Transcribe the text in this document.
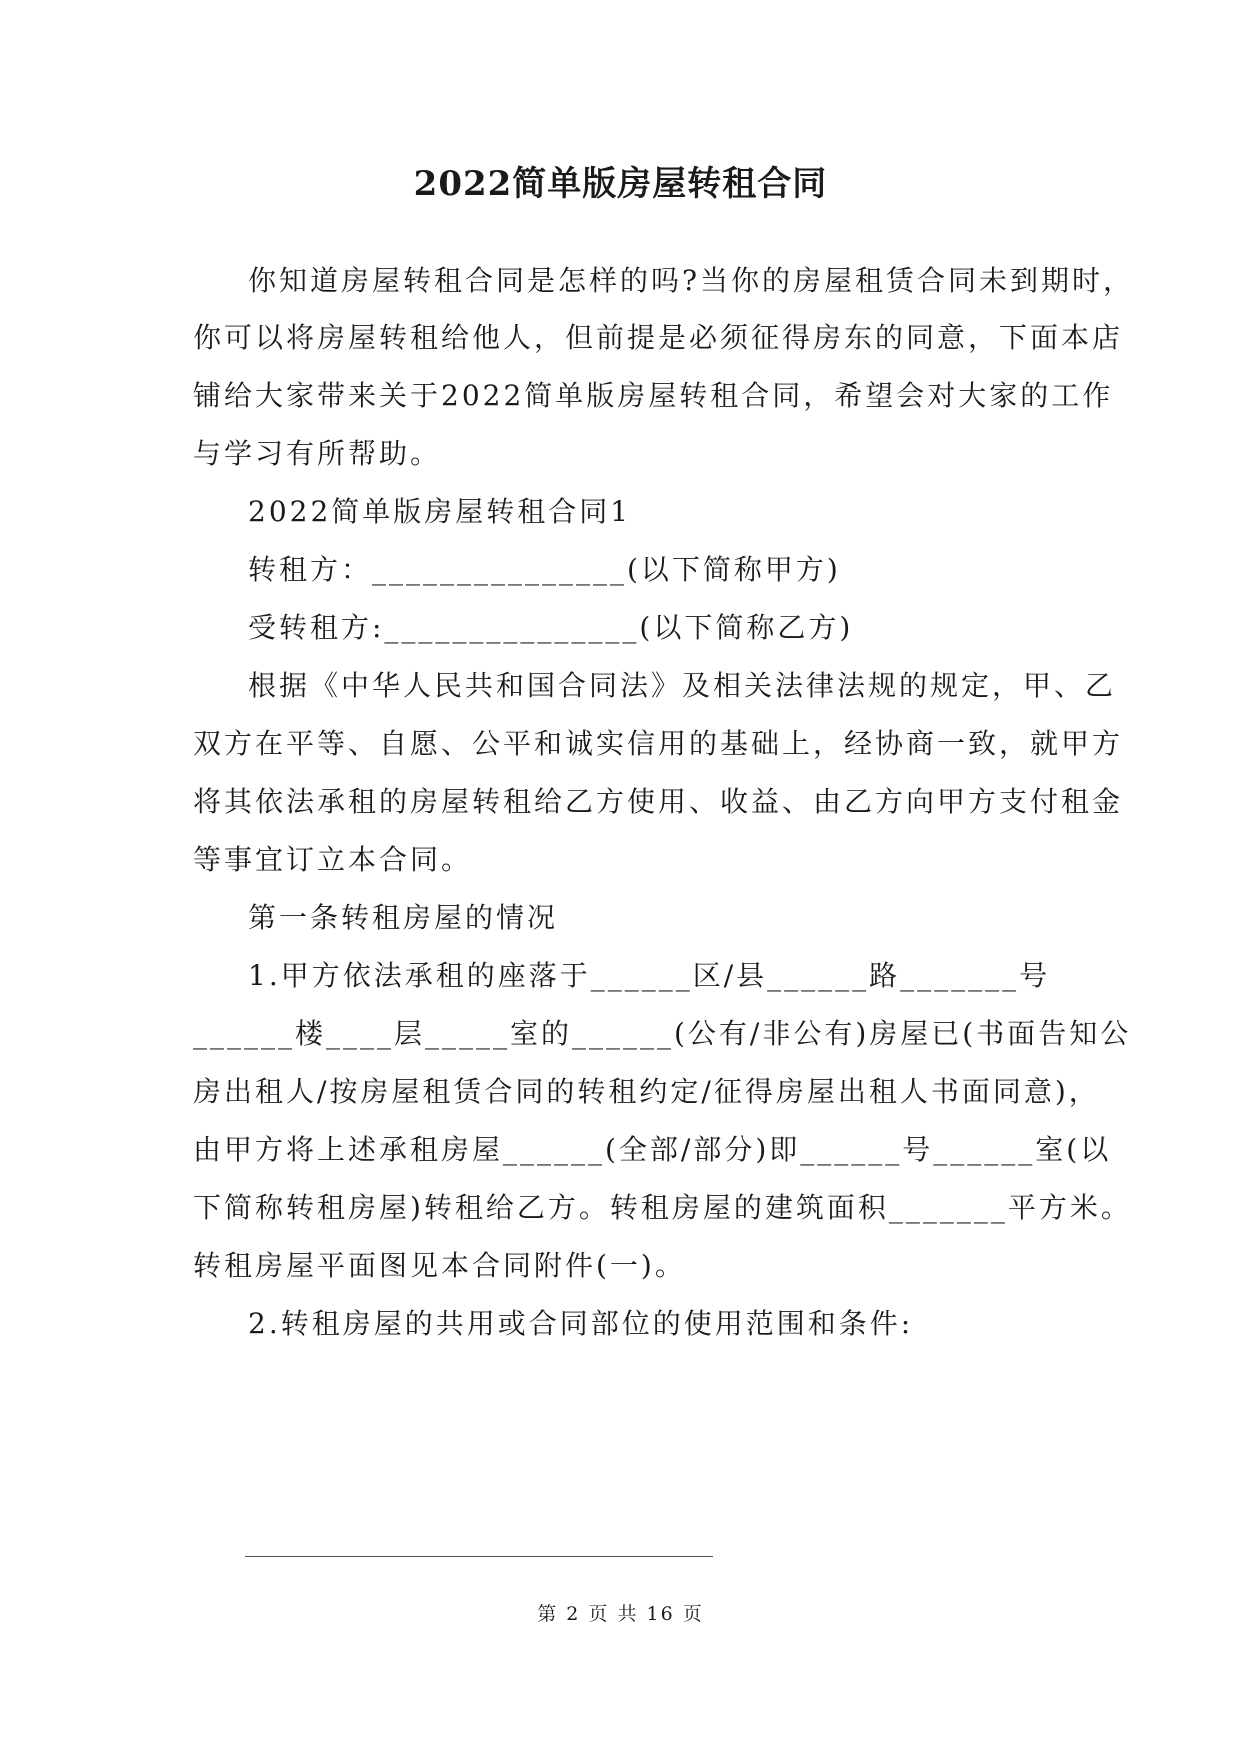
2022简单版房屋转租合同
你知道房屋转租合同是怎样的吗?当你的房屋租赁合同未到期时，
你可以将房屋转租给他人，但前提是必须征得房东的同意，下面本店
铺给大家带来关于2022简单版房屋转租合同，希望会对大家的工作
与学习有所帮助。
2022简单版房屋转租合同1
转租方：_______________(以下简称甲方)
受转租方:_______________(以下简称乙方)
根据《中华人民共和国合同法》及相关法律法规的规定，甲、乙
双方在平等、自愿、公平和诚实信用的基础上，经协商一致，就甲方
将其依法承租的房屋转租给乙方使用、收益、由乙方向甲方支付租金
等事宜订立本合同。
第一条转租房屋的情况
1.甲方依法承租的座落于______区/县______路_______号
______楼____层_____室的______(公有/非公有)房屋已(书面告知公
房出租人/按房屋租赁合同的转租约定/征得房屋出租人书面同意)，
由甲方将上述承租房屋______(全部/部分)即______号______室(以
下简称转租房屋)转租给乙方。转租房屋的建筑面积_______平方米。
转租房屋平面图见本合同附件(一)。
2.转租房屋的共用或合同部位的使用范围和条件:
第 2 页 共 16 页
